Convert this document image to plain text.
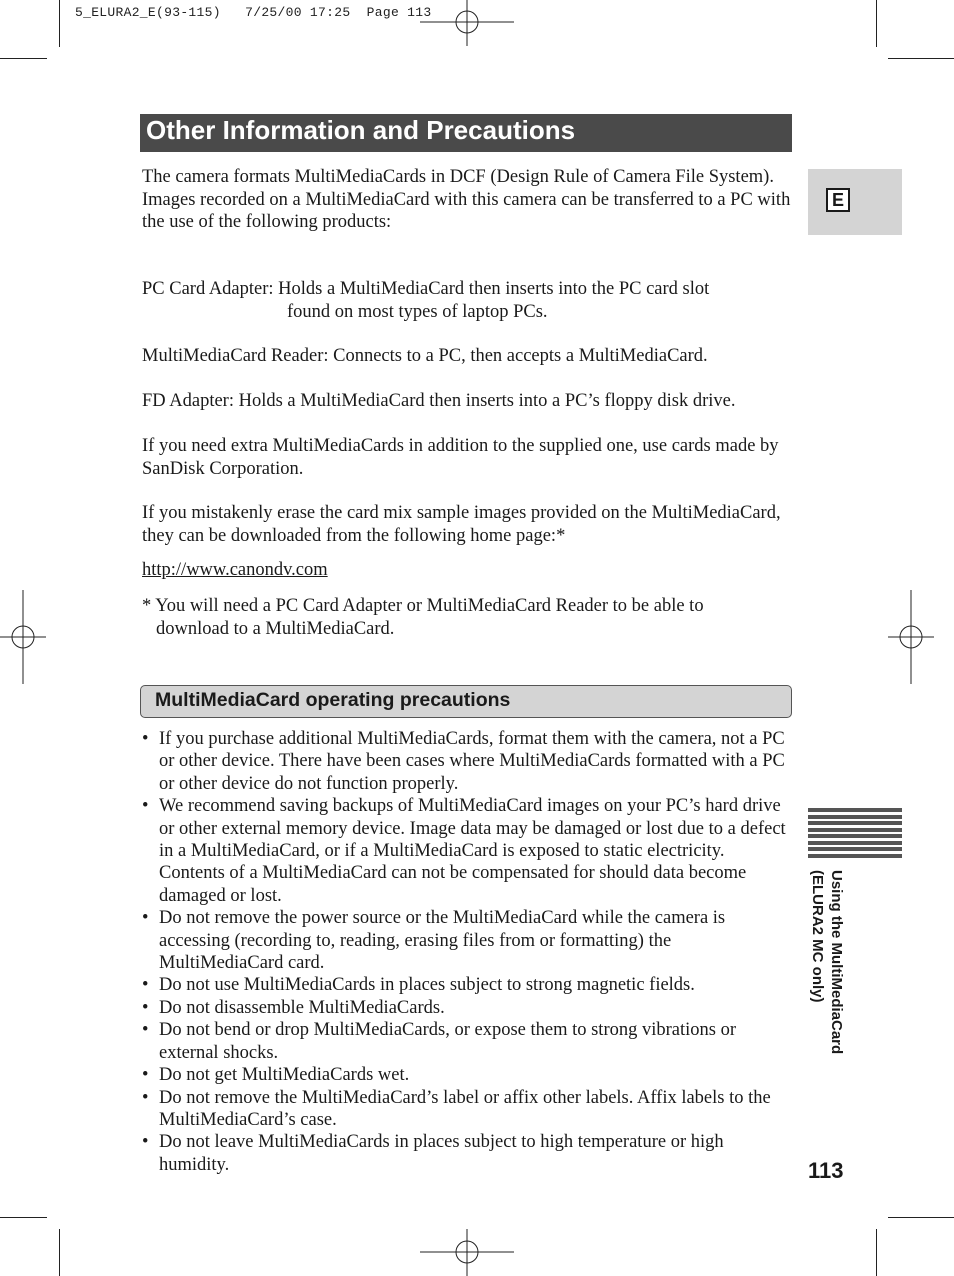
5_ELURA2_E(93-115)   7/25/00 17:25  Page 113
Other Information and Precautions
E

The camera formats MultiMediaCards in DCF (Design Rule of Camera File System).

Images recorded on a MultiMediaCard with this camera can be transferred to a PC with the use of the following products:

PC Card Adapter: Holds a MultiMediaCard then inserts into the PC card slot
found on most types of laptop PCs.
MultiMediaCard Reader: Connects to a PC, then accepts a MultiMediaCard.
FD Adapter: Holds a MultiMediaCard then inserts into a PC’s floppy disk drive.
If you need extra MultiMediaCards in addition to the supplied one, use cards made by SanDisk Corporation.
If you mistakenly erase the card mix sample images provided on the MultiMediaCard, they can be downloaded from the following home page:*
http://www.canondv.com
* You will need a PC Card Adapter or MultiMediaCard Reader to be able to
download to a MultiMediaCard.
MultiMediaCard operating precautions
• If you purchase additional MultiMediaCards, format them with the camera, not a PC or other device. There have been cases where MultiMediaCards formatted with a PC or other device do not function properly.
• We recommend saving backups of MultiMediaCard images on your PC’s hard drive or other external memory device. Image data may be damaged or lost due to a defect in a MultiMediaCard, or if a MultiMediaCard is exposed to static electricity. Contents of a MultiMediaCard can not be compensated for should data become damaged or lost.
• Do not remove the power source or the MultiMediaCard while the camera is accessing (recording to, reading, erasing files from or formatting) the MultiMediaCard card.
• Do not use MultiMediaCards in places subject to strong magnetic fields.
• Do not disassemble MultiMediaCards.
• Do not bend or drop MultiMediaCards, or expose them to strong vibrations or external shocks.
• Do not get MultiMediaCards wet.
• Do not remove the MultiMediaCard’s label or affix other labels. Affix labels to the MultiMediaCard’s case.
• Do not leave MultiMediaCards in places subject to high temperature or high humidity.
Using the MultiMediaCard
(ELURA2 MC only)
113
